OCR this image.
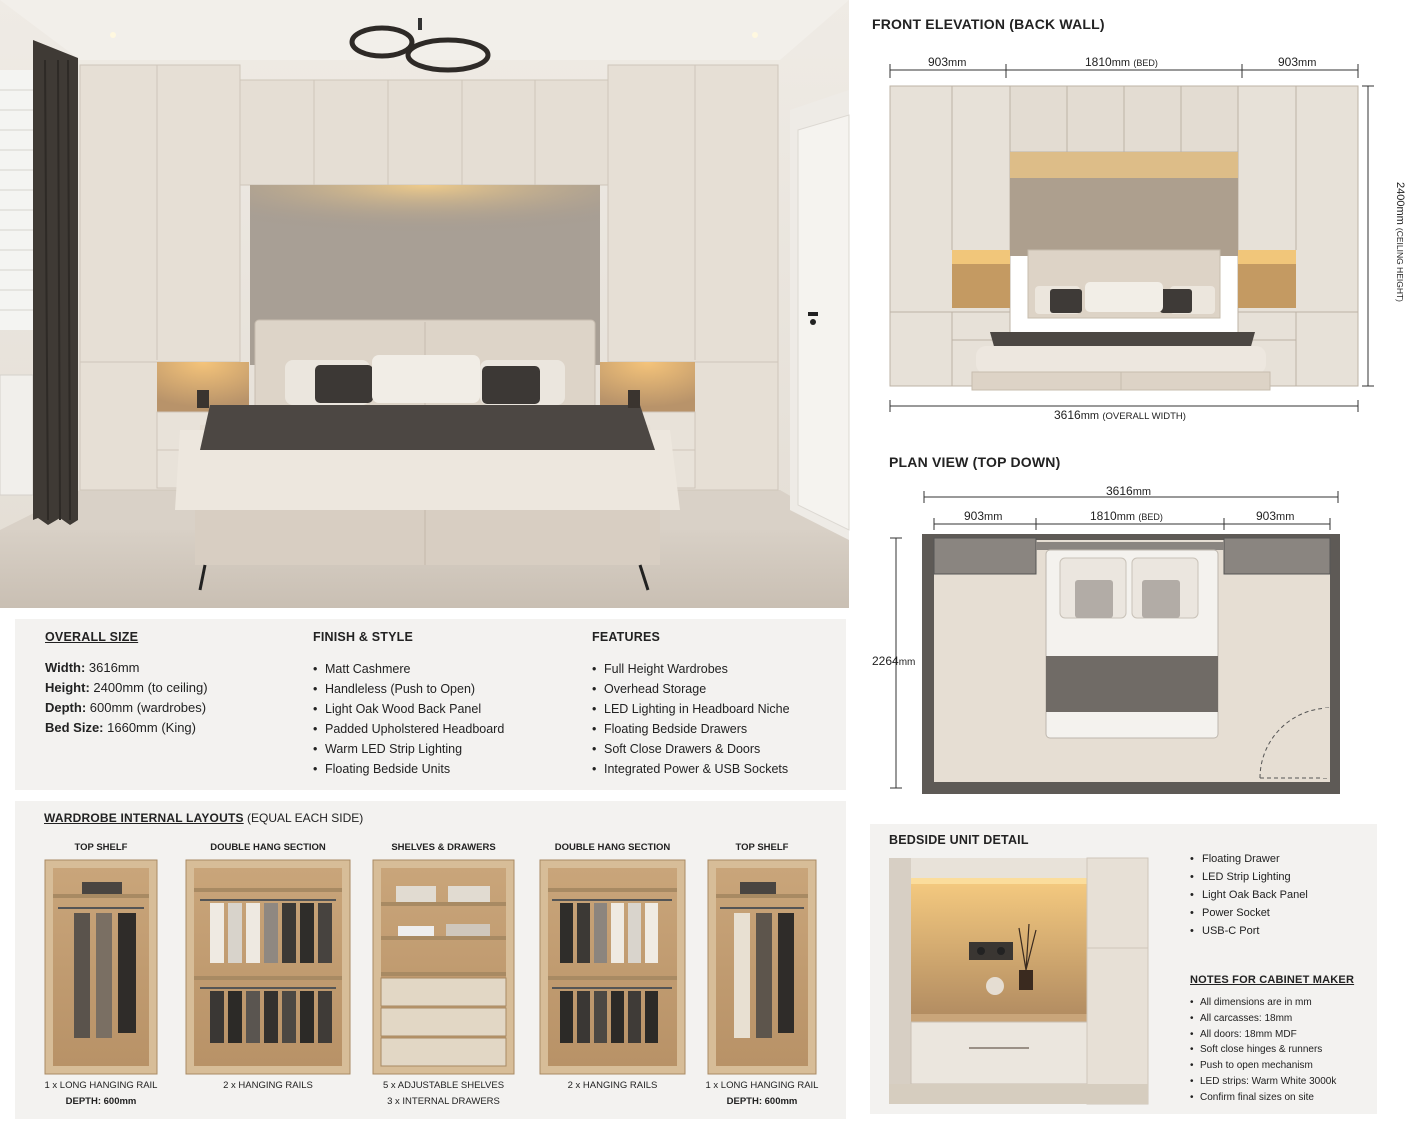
FRONT ELEVATION (BACK WALL)
903mm	1810mm (BED)	903mm
3616mm (OVERALL WIDTH)
2400mm (CEILING HEIGHT)
PLAN VIEW (TOP DOWN)
3616mm
903mm	1810mm (BED)	903mm
2264mm
OVERALL SIZE
Width: 3616mm
Height: 2400mm (to ceiling)
Depth: 600mm (wardrobes)
Bed Size: 1660mm (King)
FINISH & STYLE
• Matt Cashmere
• Handleless (Push to Open)
• Light Oak Wood Back Panel
• Padded Upholstered Headboard
• Warm LED Strip Lighting
• Floating Bedside Units
FEATURES
• Full Height Wardrobes
• Overhead Storage
• LED Lighting in Headboard Niche
• Floating Bedside Drawers
• Soft Close Drawers & Doors
• Integrated Power & USB Sockets
WARDROBE INTERNAL LAYOUTS (EQUAL EACH SIDE)
TOP SHELF	DOUBLE HANG SECTION	SHELVES & DRAWERS	DOUBLE HANG SECTION	TOP SHELF
1 x LONG HANGING RAIL
DEPTH: 600mm
2 x HANGING RAILS	5 x ADJUSTABLE SHELVES
3 x INTERNAL DRAWERS
2 x HANGING RAILS	1 x LONG HANGING RAIL
DEPTH: 600mm
BEDSIDE UNIT DETAIL
• Floating Drawer
• LED Strip Lighting
• Light Oak Back Panel
• Power Socket
• USB-C Port
NOTES FOR CABINET MAKER
• All dimensions are in mm
• All carcasses: 18mm
• All doors: 18mm MDF
• Soft close hinges & runners
• Push to open mechanism
• LED strips: Warm White 3000k
• Confirm final sizes on site
